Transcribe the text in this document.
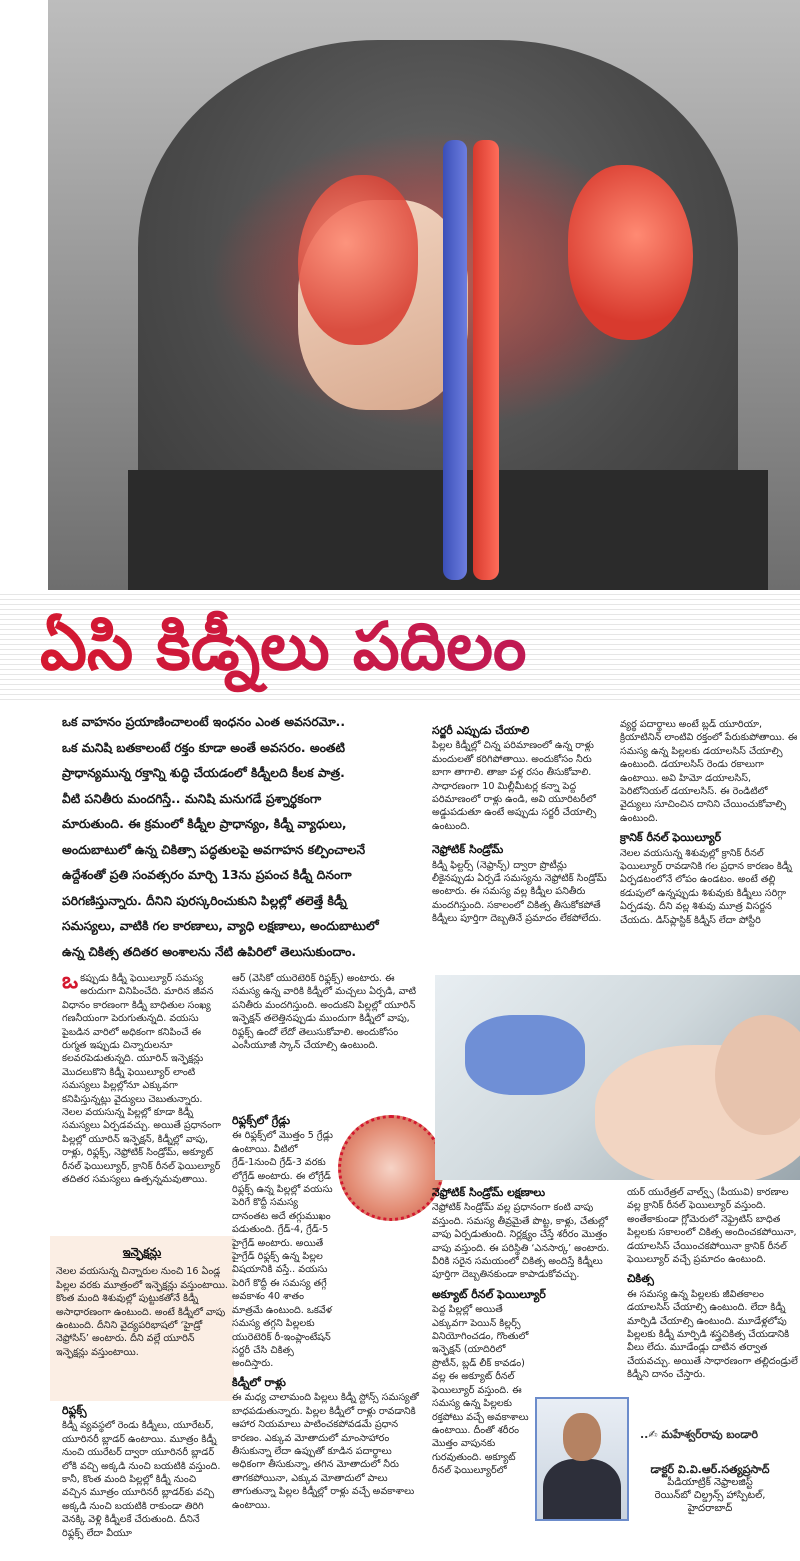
ఏసి కిడ్నీలు పదిలం

ఒక వాహనం ప్రయాణించాలంటే ఇంధనం ఎంత అవసరమో..

ఒక మనిషి బతకాలంటే రక్తం కూడా అంతే అవసరం. అంతటి

ప్రాధాన్యమున్న రక్తాన్ని శుద్ధి చేయడంలో కిడ్నీలది కీలక పాత్ర.

వీటి పనితీరు మందగిస్తే.. మనిషి మనుగడే ప్రశ్నార్థకంగా

మారుతుంది. ఈ క్రమంలో కిడ్నీల ప్రాధాన్యం, కిడ్నీ వ్యాధులు,

అందుబాటులో ఉన్న చికిత్సా పద్ధతులపై అవగాహన కల్పించాలనే

ఉద్దేశంతో ప్రతి సంవత్సరం మార్చి 13ను ప్రపంచ కిడ్నీ దినంగా

పరిగణిస్తున్నారు. దీనిని పురస్కరించుకుని పిల్లల్లో తలెత్తే కిడ్నీ

సమస్యలు, వాటికి గల కారణాలు, వ్యాధి లక్షణాలు, అందుబాటులో

ఉన్న చికిత్స తదితర అంశాలను నేటి ఉపిరిలో తెలుసుకుందాం.

ఒకప్పుడు కిడ్నీ ఫెయిల్యూర్ సమస్య అరుదుగా వినిపించేది. మారిన జీవన విధానం కారణంగా కిడ్నీ బాధితుల సంఖ్య గణనీయంగా పెరుగుతున్నది. వయసు పైబడిన వారిలో అధికంగా కనిపించే ఈ రుగ్మత ఇప్పుడు చిన్నారులనూ కలవరపెడుతున్నది. యూరిన్ ఇన్ఫెక్షన్లు మొదలుకొని కిడ్నీ ఫెయిల్యూర్ లాంటి సమస్యలు పిల్లల్లోనూ ఎక్కువగా కనిపిస్తున్నట్లు వైద్యులు చెబుతున్నారు. నెలల వయసున్న పిల్లల్లో కూడా కిడ్నీ సమస్యలు ఏర్పడవచ్చు. అయితే ప్రధానంగా పిల్లల్లో యూరిన్ ఇన్ఫెక్షన్, కిడ్నీల్లో వాపు, రాళ్లు, రిఫ్లక్స్, నెఫ్రోటిక్ సిండ్రోమ్, అక్యూట్ రీనల్ ఫెయిల్యూర్, క్రానిక్ రీనల్ ఫెయిల్యూర్ తదితర సమస్యలు ఉత్పన్నమవుతాయి.

ఇన్ఫెక్షన్లు

నెలల వయసున్న చిన్నారుల నుంచి 16 ఏండ్ల పిల్లల వరకు మూత్రంలో ఇన్ఫెక్షన్లు వస్తుంటాయి. కొంత మంది శిశువుల్లో పుట్టుకతోనే కిడ్నీ అసాధారణంగా ఉంటుంది. అంటే కిడ్నీలో వాపు ఉంటుంది. దీనిని వైద్యపరిభాషలో ‘హైడ్రో నెఫ్రోసిస్’ అంటారు. దీని వల్లే యూరిన్ ఇన్ఫెక్షన్లు వస్తుంటాయి.

రిఫ్లక్స్

కిడ్నీ వ్యవస్థలో రెండు కిడ్నీలు, యూరేటర్, యూరినరీ బ్లాడర్ ఉంటాయి. మూత్రం కిడ్నీ నుంచి యురేటర్ ద్వారా యూరినరీ బ్లాడర్ లోకి వచ్చి అక్కడి నుంచి బయటికి వస్తుంది. కానీ, కొంత మంది పిల్లల్లో కిడ్నీ నుంచి వచ్చిన మూత్రం యూరినరీ బ్లాడర్‌కు వచ్చి అక్కడి నుంచి బయటికి రాకుండా తిరిగి వెనక్కి వెళ్లి కిడ్నీలకే చేరుతుంది. దీనినే రిఫ్లక్స్ లేదా వీయూ

ఆర్ (వెసికో యురెటెరిక్ రిఫ్లక్స్) అంటారు. ఈ సమస్య ఉన్న వారికి కిడ్నీలో మచ్చలు ఏర్పడి, వాటి పనితీరు మందగిస్తుంది. అందుకని పిల్లల్లో యూరిన్ ఇన్ఫెక్షన్ తలెత్తినప్పుడు ముందుగా కిడ్నీలో వాపు, రిఫ్లక్స్ ఉందో లేదో తెలుసుకోవాలి. అందుకోసం ఎంసీయూజీ స్కాన్ చేయాల్సి ఉంటుంది.

రిఫ్లక్స్‌లో గ్రేడ్లు

ఈ రిఫ్లక్స్‌లో మొత్తం 5 గ్రేడ్లు ఉంటాయి. వీటిలో గ్రేడ్-1నుంచి గ్రేడ్-3 వరకు లోగ్రేడ్ అంటారు. ఈ లోగ్రేడ్ రిఫ్లక్స్ ఉన్న పిల్లల్లో వయసు పెరిగే కొద్దీ సమస్య దానంతట అదే తగ్గుముఖం పడుతుంది. గ్రేడ్-4, గ్రేడ్-5 హైగ్రేడ్ అంటారు. అయితే హైగ్రేడ్ రిఫ్లక్స్ ఉన్న పిల్లల విషయానికి వస్తే.. వయసు పెరిగే కొద్దీ ఈ సమస్య తగ్గే అవకాశం 40 శాతం మాత్రమే ఉంటుంది. ఒకవేళ సమస్య తగ్గని పిల్లలకు యురెటెరిక్ రీ-ఇంప్లాంటేషన్ సర్జరీ చేసి చికిత్స అందిస్తారు.

కిడ్నీలో రాళ్లు

ఈ మధ్య చాలామంది పిల్లలు కిడ్నీ స్టోన్స్ సమస్యతో బాధపడుతున్నారు. పిల్లల కిడ్నీలో రాళ్లు రావడానికి ఆహార నియమాలు పాటించకపోవడమే ప్రధాన కారణం. ఎక్కువ మోతాదులో మాంసాహారం తీసుకున్నా లేదా ఉప్పుతో కూడిన పదార్థాలు అధికంగా తీసుకున్నా, తగిన మోతాదులో నీరు తాగకపోయినా, ఎక్కువ మోతాదులో పాలు తాగుతున్నా పిల్లల కిడ్నీల్లో రాళ్లు వచ్చే అవకాశాలు ఉంటాయి.

సర్జరీ ఎప్పుడు చేయాలి

పిల్లల కిడ్నీల్లో చిన్న పరిమాణంలో ఉన్న రాళ్లు మందులతో కరిగిపోతాయి. అందుకోసం నీరు బాగా తాగాలి. తాజా పళ్ల రసం తీసుకోవాలి. సాధారణంగా 10 మిల్లీమీటర్ల కన్నా పెద్ద పరిమాణంలో రాళ్లు ఉండి, అవి యూరిటరీలో అడ్డుపడుతూ ఉంటే అప్పుడు సర్జరీ చేయాల్సి ఉంటుంది.

నెఫ్రోటిక్ సిండ్రోమ్

కిడ్నీ ఫిల్టర్స్ (నెఫ్రాన్స్) ద్వారా ప్రొటీన్లు లీకైనప్పుడు ఏర్పడే సమస్యను నెఫ్రోటిక్ సిండ్రోమ్ అంటారు. ఈ సమస్య వల్ల కిడ్నీల పనితీరు మందగిస్తుంది. సకాలంలో చికిత్స తీసుకోకపోతే కిడ్నీలు పూర్తిగా దెబ్బతినే ప్రమాదం లేకపోలేదు.

వ్యర్థ పదార్థాలు అంటే బ్లడ్ యూరియా, క్రియాటినిన్ లాంటివి రక్తంలో పేరుకుపోతాయి. ఈ సమస్య ఉన్న పిల్లలకు డయాలసిస్ చేయాల్సి ఉంటుంది. డయాలసిస్ రెండు రకాలుగా ఉంటాయి. అవి హిమో డయాలసిస్, పెరిటోనియల్ డయాలసిస్. ఈ రెండిటిలో వైద్యులు సూచించిన దానిని చేయించుకోవాల్సి ఉంటుంది.

క్రానిక్ రీనల్ ఫెయిల్యూర్

నెలల వయసున్న శిశువుల్లో క్రానిక్ రీనల్ ఫెయిల్యూర్ రావడానికి గల ప్రధాన కారణం కిడ్నీ ఏర్పడటంలోనే లోపం ఉండటం. అంటే తల్లి కడుపులో ఉన్నప్పుడు శిశువుకు కిడ్నీలు సరిగ్గా ఏర్పడవు. దీని వల్ల శిశువు మూత్ర విసర్జన చేయదు. డిస్‌ప్లాస్టిక్ కిడ్నీస్ లేదా పోస్టీరి

నెఫ్రోటిక్ సిండ్రోమ్ లక్షణాలు

నెఫ్రోటిక్ సిండ్రోమ్ వల్ల ప్రధానంగా కంటి వాపు వస్తుంది. సమస్య తీవ్రమైతే పొట్ట, కాళ్లు, చేతుల్లో వాపు ఏర్పడుతుంది. నిర్లక్ష్యం చేస్తే శరీరం మొత్తం వాపు వస్తుంది. ఈ పరిస్థితి ‘ఎనసార్క’ అంటారు. వీరికి సరైన సమయంలో చికిత్స అందిస్తే కిడ్నీలు పూర్తిగా దెబ్బతినకుండా కాపాడుకోవచ్చు.

అక్యూట్ రీనల్ ఫెయిల్యూర్

పెద్ద పిల్లల్లో అయితే ఎక్కువగా పెయిన్ కిల్లర్స్ వినియోగించడం, గొంతులో ఇన్ఫెక్షన్ (యాదిరిలో ప్రొటీన్, బ్లడ్ లీక్ కావడం) వల్ల ఈ అక్యూట్ రీనల్ ఫెయిల్యూర్ వస్తుంది. ఈ సమస్య ఉన్న పిల్లలకు రక్తపోటు వచ్చే అవకాశాలు ఉంటాయి. దీంతో శరీరం మొత్తం వాపునకు గురవుతుంది. అక్యూట్ రీనల్ ఫెయిల్యూర్‌లో

యర్ యురేత్రల్ వాల్వ్స్ (పీయువి) కారణాల వల్ల క్రానిక్ రీనల్ ఫెయిల్యూర్ వస్తుంది. అంతేకాకుండా గ్లోమెరులో నెఫ్రైటిస్ బాధిత పిల్లలకు సకాలంలో చికిత్స అందించకపోయినా, డయాలసిస్ చేయించకపోయినా క్రానిక్ రీనల్ ఫెయిల్యూర్ వచ్చే ప్రమాదం ఉంటుంది.

చికిత్స

ఈ సమస్య ఉన్న పిల్లలకు జీవితకాలం డయాలసిస్ చేయాల్సి ఉంటుంది. లేదా కిడ్నీ మార్పిడి చేయాల్సి ఉంటుంది. మూడేళ్లలోపు పిల్లలకు కిడ్నీ మార్పిడి శస్త్రచికిత్స చేయడానికి వీలు లేదు. మూడేండ్లు దాటిన తర్వాత చేయవచ్చు. అయితే సాధారణంగా తల్లిదండ్రులే కిడ్నీని దానం చేస్తారు.

..✍ మహేశ్వర్‌రావు బండారి
డాక్టర్ వి.వి.ఆర్.సత్యప్రసాద్
పీడియాట్రిక్ నెఫ్రాలజిస్ట్
రెయిన్‌బో చిల్డ్రన్స్ హాస్పిటల్,
హైదరాబాద్
